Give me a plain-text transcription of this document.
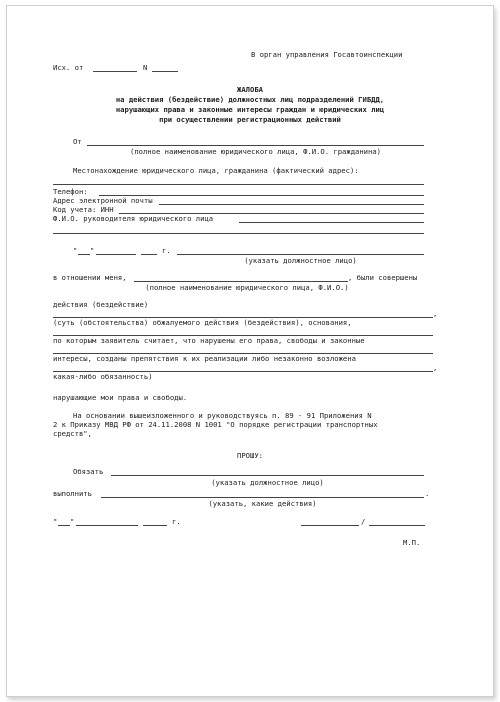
В орган управления Госавтоинспекции
Исх. от	N
ЖАЛОБА
на действия (бездействие) должностных лиц подразделений ГИБДД,
нарушающих права и законные интересы граждан и юридических лиц
при осуществлении регистрационных действий
От
(полное наименование юридического лица, Ф.И.О. гражданина)
Местонахождение юридического лица, гражданина (фактический адрес):
Телефон:
Адрес электронной почты
Код учета: ИНН
Ф.И.О. руководителя юридического лица
" "	г.
(указать должностное лицо)
в отношении меня,	, были совершены
(полное наименование юридического лица, Ф.И.О.)
действия (бездействие)
,
(суть (обстоятельства) обжалуемого действия (бездействия), основания,
по которым заявитель считает, что нарушены его права, свободы и законные
интересы, созданы препятствия к их реализации либо незаконно возложена
,
какая-либо обязанность)
нарушающие мои права и свободы.
На основании вышеизложенного и руководствуясь п. 89 - 91 Приложения N
2 к Приказу МВД РФ от 24.11.2008 N 1001 "О порядке регистрации транспортных
средств",
ПРОШУ:
Обязать
(указать должностное лицо)
выполнить	.
(указать, какие действия)
" "	г.	/
М.П.
